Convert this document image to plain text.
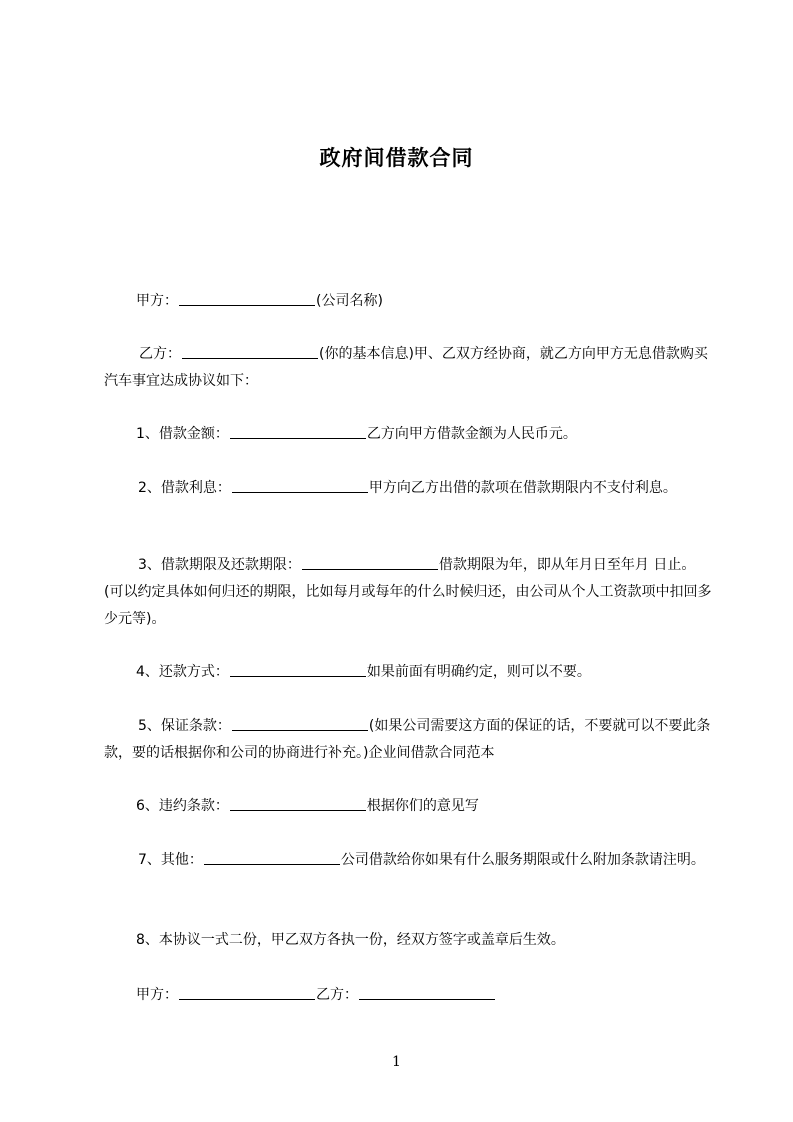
政府间借款合同
甲方：	(公司名称)
乙方：	(你的基本信息)甲、乙双方经协商，就乙方向甲方无息借款购买汽车事宜达成协议如下：
1、借款金额：	乙方向甲方借款金额为人民币元。
2、借款利息：	甲方向乙方出借的款项在借款期限内不支付利息。
3、借款期限及还款期限：	借款期限为年，即从年月日至年月 日止。(可以约定具体如何归还的期限，比如每月或每年的什么时候归还，由公司从个人工资款项中扣回多少元等)。
4、还款方式：	如果前面有明确约定，则可以不要。
5、保证条款：	(如果公司需要这方面的保证的话，不要就可以不要此条款，要的话根据你和公司的协商进行补充。)企业间借款合同范本
6、违约条款：	根据你们的意见写
7、其他：	公司借款给你如果有什么服务期限或什么附加条款请注明。
8、本协议一式二份，甲乙双方各执一份，经双方签字或盖章后生效。
甲方：	乙方：
1
